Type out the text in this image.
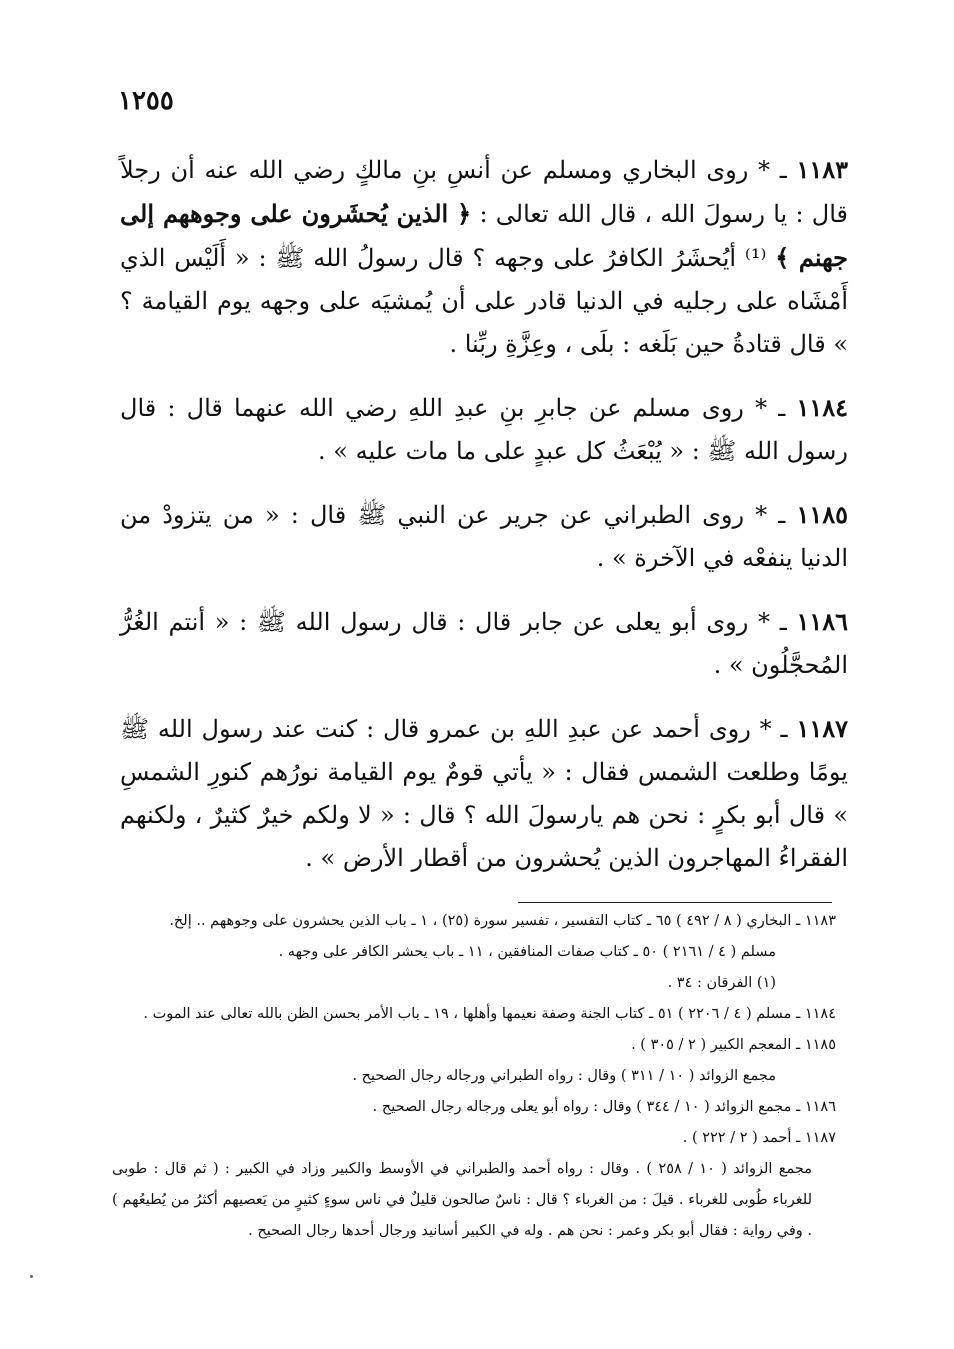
١٢٥٥

١١٨٣ ـ * روى البخاري ومسلم عن أنسِ بنِ مالكٍ رضي الله عنه أن رجلاً قال : يا رسولَ الله ، قال الله تعالى : ﴿ الذين يُحشَرون على وجوههم إلى جهنم ﴾ ⁽¹⁾ أيُحشَرُ الكافرُ على وجهه ؟ قال رسولُ الله ﷺ : « أَلَيْس الذي أَمْشَاه على رجليه في الدنيا قادر على أن يُمشيَه على وجهه يوم القيامة ؟ » قال قتادةُ حين بَلَغه : بلَى ، وعِزَّةِ ربِّنا .

١١٨٤ ـ * روى مسلم عن جابرِ بنِ عبدِ اللهِ رضي الله عنهما قال : قال رسول الله ﷺ : « يُبْعَثُ كل عبدٍ على ما مات عليه » .

١١٨٥ ـ * روى الطبراني عن جرير عن النبي ﷺ قال : « من يتزودْ من الدنيا ينفعْه في الآخرة » .

١١٨٦ ـ * روى أبو يعلى عن جابر قال : قال رسول الله ﷺ : « أنتم الغُرُّ المُحجَّلُون » .

١١٨٧ ـ * روى أحمد عن عبدِ اللهِ بن عمرو قال : كنت عند رسول الله ﷺ يومًا وطلعت الشمس فقال : « يأتي قومٌ يوم القيامة نورُهم كنورِ الشمسِ » قال أبو بكرٍ : نحن هم يارسولَ الله ؟ قال : « لا ولكم خيرٌ كثيرٌ ، ولكنهم الفقراءُ المهاجرون الذين يُحشرون من أقطار الأرض » .

١١٨٣ ـ البخاري ( ٨ / ٤٩٢ ) ٦٥ ـ كتاب التفسير ، تفسير سورة (٢٥) ، ١ ـ باب الذين يحشرون على وجوههم .. إلخ.

مسلم ( ٤ / ٢١٦١ ) ٥٠ ـ كتاب صفات المنافقين ، ١١ ـ باب يحشر الكافر على وجهه .

(١) الفرقان : ٣٤ .

١١٨٤ ـ مسلم ( ٤ / ٢٢٠٦ ) ٥١ ـ كتاب الجنة وصفة نعيمها وأهلها ، ١٩ ـ باب الأمر بحسن الظن بالله تعالى عند الموت .

١١٨٥ ـ المعجم الكبير ( ٢ / ٣٠٥ ) .

مجمع الزوائد ( ١٠ / ٣١١ ) وقال : رواه الطبراني ورجاله رجال الصحيح .

١١٨٦ ـ مجمع الزوائد ( ١٠ / ٣٤٤ ) وقال : رواه أبو يعلى ورجاله رجال الصحيح .

١١٨٧ ـ أحمد ( ٢ / ٢٢٢ ) .

مجمع الزوائد ( ١٠ / ٢٥٨ ) . وقال : رواه أحمد والطبراني في الأوسط والكبير وزاد في الكبير : ( ثم قال : طوبى للغرباء طُوبى للغرباء . قيلَ : من الغرباء ؟ قال : ناسٌ صالحون قليلٌ في ناس سوءٍ كثيرٍ من يَعصيهم أكثرُ من يُطيعُهم ) . وفي رواية : فقال أبو بكر وعمر : نحن هم . وله في الكبير أسانيد ورجال أحدها رجال الصحيح .
